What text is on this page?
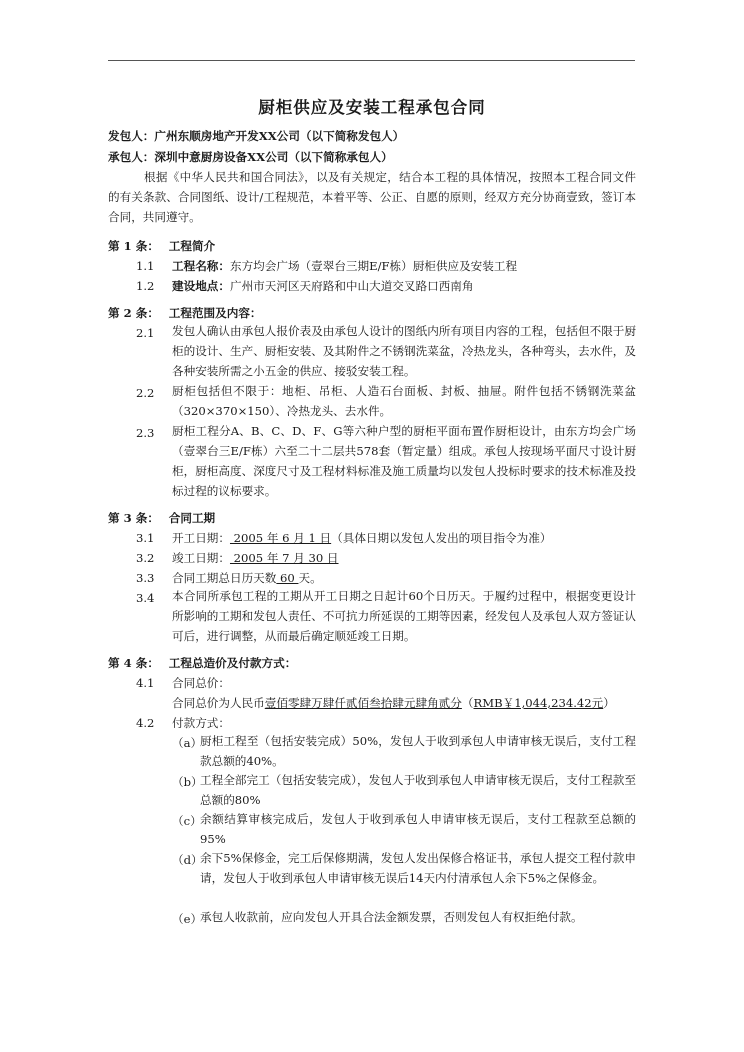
厨柜供应及安装工程承包合同
发包人：广州东顺房地产开发XX公司（以下简称发包人）
承包人：深圳中意厨房设备XX公司（以下简称承包人）
根据《中华人民共和国合同法》，以及有关规定，结合本工程的具体情况，按照本工程合同文件的有关条款、合同图纸、设计/工程规范，本着平等、公正、自愿的原则，经双方充分协商壹致，签订本合同，共同遵守。
第 1 条：　 工程简介
1.1 工程名称：东方均会广场（壹翠台三期E/F栋）厨柜供应及安装工程
1.2 建设地点：广州市天河区天府路和中山大道交叉路口西南角
第 2 条：　 工程范围及内容：
2.1 发包人确认由承包人报价表及由承包人设计的图纸内所有项目内容的工程，包括但不限于厨柜的设计、生产、厨柜安装、及其附件之不锈钢洗菜盆，冷热龙头，各种弯头，去水件，及各种安装所需之小五金的供应、接驳安装工程。
2.2 厨柜包括但不限于：地柜、吊柜、人造石台面板、封板、抽屉。附件包括不锈钢洗菜盆（320×370×150）、冷热龙头、去水件。
2.3 厨柜工程分A、B、C、D、F、G等六种户型的厨柜平面布置作厨柜设计，由东方均会广场（壹翠台三E/F栋）六至二十二层共578套（暂定量）组成。承包人按现场平面尺寸设计厨柜，厨柜高度、深度尺寸及工程材料标准及施工质量均以发包人投标时要求的技术标准及投标过程的议标要求。
第 3 条：　 合同工期
3.1 开工日期： 2005 年 6 月 1 日（具体日期以发包人发出的项目指令为准）
3.2 竣工日期： 2005 年 7 月 30 日
3.3 合同工期总日历天数 60 天。
3.4 本合同所承包工程的工期从开工日期之日起计60个日历天。于履约过程中，根据变更设计所影响的工期和发包人责任、不可抗力所延误的工期等因素，经发包人及承包人双方签证认可后，进行调整，从而最后确定顺延竣工日期。
第 4 条：　 工程总造价及付款方式：
4.1 合同总价：
合同总价为人民币壹佰零肆万肆仟贰佰叁拾肆元肆角贰分（RMB￥1,044,234.42元）
4.2 付款方式：
（a）
厨柜工程至（包括安装完成）50%，发包人于收到承包人申请审核无误后，支付工程款总额的40%。
（b）
工程全部完工（包括安装完成），发包人于收到承包人申请审核无误后，支付工程款至总额的80%
（c）
余额结算审核完成后，发包人于收到承包人申请审核无误后，支付工程款至总额的95%
（d）
余下5%保修金，完工后保修期满，发包人发出保修合格证书，承包人提交工程付款申请，发包人于收到承包人申请审核无误后14天内付清承包人余下5%之保修金。
（e）
承包人收款前，应向发包人开具合法金额发票，否则发包人有权拒绝付款。
